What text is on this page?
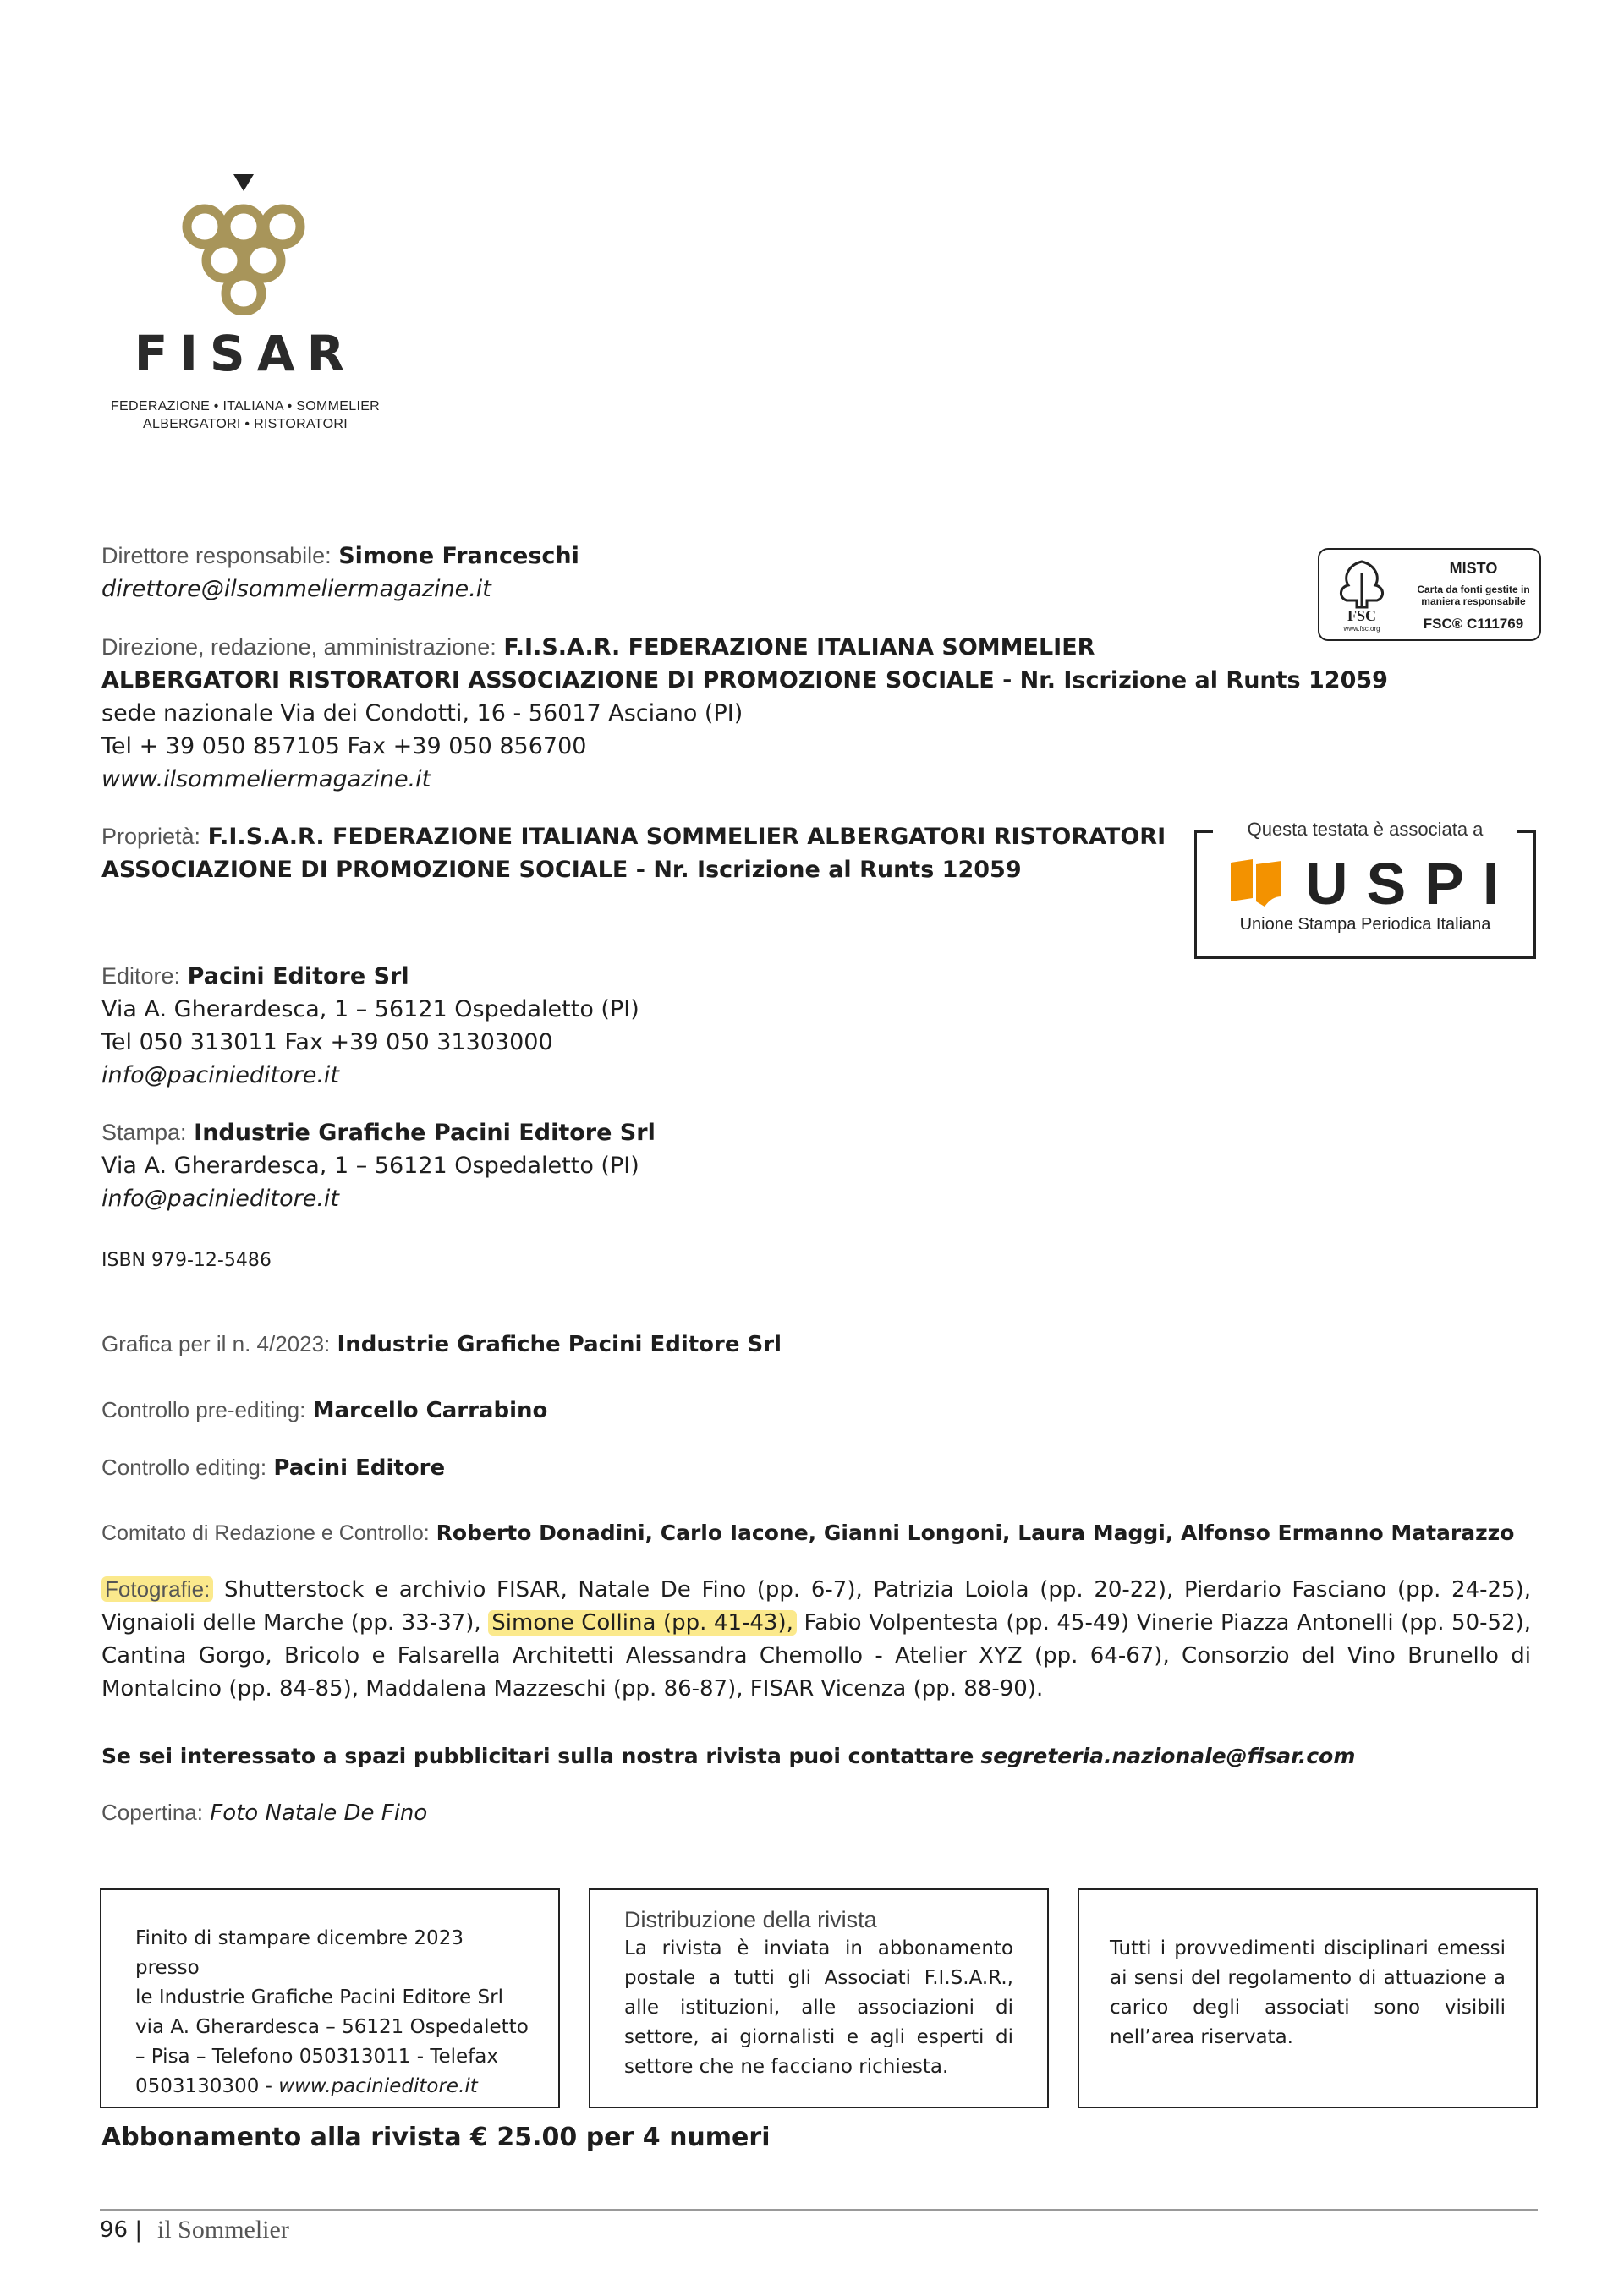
FISAR
FEDERAZIONE • ITALIANA • SOMMELIER
ALBERGATORI • RISTORATORI
FSC
www.fsc.org
MISTO
Carta da fonti gestite in
maniera responsabile
FSC® C111769
Questa testata è associata a
USPI
Unione Stampa Periodica Italiana
Direttore responsabile: Simone Franceschi
direttore@ilsommeliermagazine.it
Direzione, redazione, amministrazione: F.I.S.A.R. FEDERAZIONE ITALIANA SOMMELIER
ALBERGATORI RISTORATORI ASSOCIAZIONE DI PROMOZIONE SOCIALE - Nr. Iscrizione al Runts 12059
sede nazionale Via dei Condotti, 16 - 56017 Asciano (PI)
Tel + 39 050 857105 Fax +39 050 856700
www.ilsommeliermagazine.it
Proprietà: F.I.S.A.R. FEDERAZIONE ITALIANA SOMMELIER ALBERGATORI RISTORATORI
ASSOCIAZIONE DI PROMOZIONE SOCIALE - Nr. Iscrizione al Runts 12059
Editore: Pacini Editore Srl
Via A. Gherardesca, 1 – 56121 Ospedaletto (PI)
Tel 050 313011 Fax +39 050 31303000
info@pacinieditore.it
Stampa: Industrie Grafiche Pacini Editore Srl
Via A. Gherardesca, 1 – 56121 Ospedaletto (PI)
info@pacinieditore.it
ISBN 979-12-5486
Grafica per il n. 4/2023: Industrie Grafiche Pacini Editore Srl
Controllo pre-editing: Marcello Carrabino
Controllo editing: Pacini Editore
Comitato di Redazione e Controllo: Roberto Donadini, Carlo Iacone, Gianni Longoni, Laura Maggi, Alfonso Ermanno Matarazzo
Fotografie: Shutterstock e archivio FISAR, Natale De Fino (pp. 6-7), Patrizia Loiola (pp. 20-22), Pierdario Fasciano (pp. 24-25), Vignaioli delle Marche (pp. 33-37), Simone Collina (pp. 41-43), Fabio Volpentesta (pp. 45-49) Vinerie Piazza Antonelli (pp. 50-52), Cantina Gorgo, Bricolo e Falsarella Architetti Alessandra Chemollo - Atelier XYZ (pp. 64-67), Consorzio del Vino Brunello di Montalcino (pp. 84-85), Maddalena Mazzeschi (pp. 86-87), FISAR Vicenza (pp. 88-90).
Se sei interessato a spazi pubblicitari sulla nostra rivista puoi contattare segreteria.nazionale@fisar.com
Copertina: Foto Natale De Fino
Finito di stampare dicembre 2023 presso
le Industrie Grafiche Pacini Editore Srl
via A. Gherardesca – 56121 Ospedaletto
– Pisa – Telefono 050313011 - Telefax
0503130300 - www.pacinieditore.it
Distribuzione della rivista
La rivista è inviata in abbonamento postale a tutti gli Associati F.I.S.A.R., alle istituzioni, alle associazioni di settore, ai giornalisti e agli esperti di settore che ne facciano richiesta.
Tutti i provvedimenti disciplinari emessi ai sensi del regolamento di attuazione a carico degli associati sono visibili nell’area riservata.
Abbonamento alla rivista € 25.00 per 4 numeri
96 | il Sommelier
